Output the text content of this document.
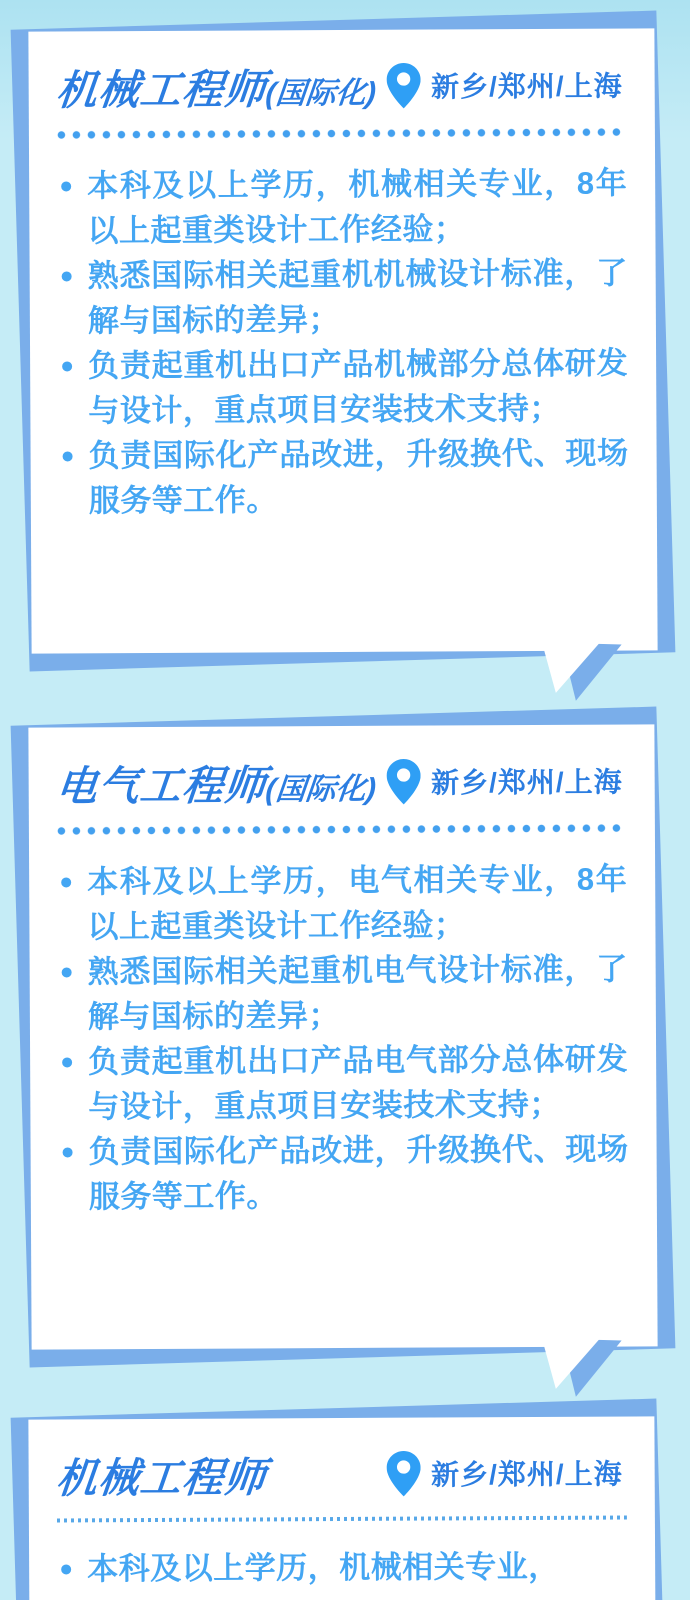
机械工程师(国际化) 新乡/郑州/上海
本科及以上学历，机械相关专业，8年以上起重类设计工作经验；
熟悉国际相关起重机机械设计标准，了解与国标的差异；
负责起重机出口产品机械部分总体研发与设计，重点项目安装技术支持；
负责国际化产品改进，升级换代、现场服务等工作。
电气工程师(国际化) 新乡/郑州/上海
本科及以上学历，电气相关专业，8年以上起重类设计工作经验；
熟悉国际相关起重机电气设计标准，了解与国标的差异；
负责起重机出口产品电气部分总体研发与设计，重点项目安装技术支持；
负责国际化产品改进，升级换代、现场服务等工作。
机械工程师	新乡/郑州/上海
本科及以上学历，机械相关专业，
